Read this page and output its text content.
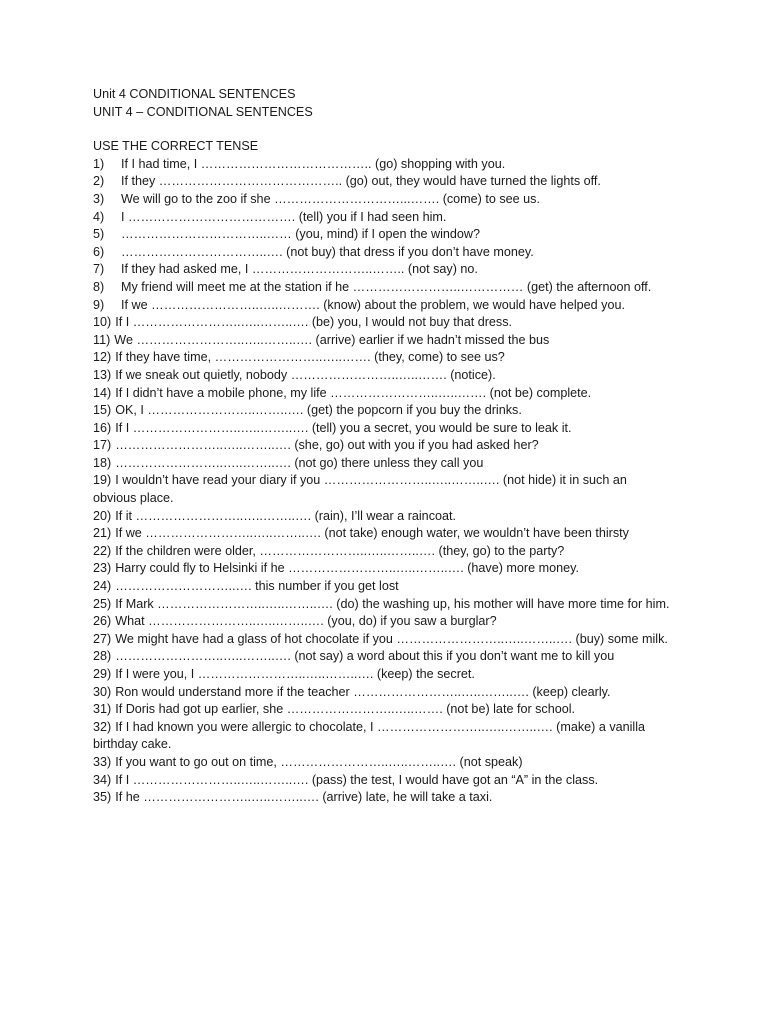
Unit 4 CONDITIONAL SENTENCES

UNIT 4 – CONDITIONAL SENTENCES

USE THE CORRECT TENSE

1) If I had time, I ………………………………….. (go) shopping with you.
2) If they …………………………………….. (go) out, they would have turned the lights off.
3) We will go to the zoo if she …………………………...……. (come) to see us.
4) I …………………………………. (tell) you if I had seen him.
5) ……………………………..…… (you, mind) if I open the window?
6) ……………………………..…. (not buy) that dress if you don’t have money.
7) If they had asked me, I ………………………..…….. (not say) no.
8) My friend will meet me at the station if he ……………………..…………… (get) the afternoon off.
9) If we ……………………..…..………. (know) about the problem, we would have helped you.
10) If I ……………………..…..……..…. (be) you, I would not buy that dress.
11) We ……………………..…..……..…. (arrive) earlier if we hadn’t missed the bus
12) If they have time, ……………………..…..……. (they, come) to see us?
13) If we sneak out quietly, nobody ……………………..…..……. (notice).
14) If I didn’t have a mobile phone, my life ……………………..…..……. (not be) complete.
15) OK, I ……………………..……..…. (get) the popcorn if you buy the drinks.
16) If I ……………………..…..……..…. (tell) you a secret, you would be sure to leak it.
17) ……………………..…..……..…. (she, go) out with you if you had asked her?
18) ……………………..…..……..…. (not go) there unless they call you
19) I wouldn’t have read your diary if you ……………………..…..……..…. (not hide) it in such an obvious place.
20) If it ……………………..…..……..…. (rain), I’ll wear a raincoat.
21) If we ……………………..…..……..…. (not take) enough water, we wouldn’t have been thirsty
22) If the children were older, ……………………..…..……..…. (they, go) to the party?
23) Harry could fly to Helsinki if he ……………………..…..……..…. (have) more money.
24) ………………………..…. this number if you get lost
25) If Mark ……………………..…..……..…. (do) the washing up, his mother will have more time for him.
26) What ……………………..…..……..…. (you, do) if you saw a burglar?
27) We might have had a glass of hot chocolate if you ……………………..…..……..…. (buy) some milk.
28) ……………………..…..……..…. (not say) a word about this if you don’t want me to kill you
29) If I were you, I ……………………..…..……..…. (keep) the secret.
30) Ron would understand more if the teacher ……………………..…..……..…. (keep) clearly.
31) If Doris had got up earlier, she ……………………..…..……. (not be) late for school.
32) If I had known you were allergic to chocolate, I ……………………..…..……..…. (make) a vanilla birthday cake.
33) If you want to go out on time, ……………………..…..……..…. (not speak)
34) If I ……………………..…..……..…. (pass) the test, I would have got an “A” in the class.
35) If he ……………………..…..……..…. (arrive) late, he will take a taxi.
